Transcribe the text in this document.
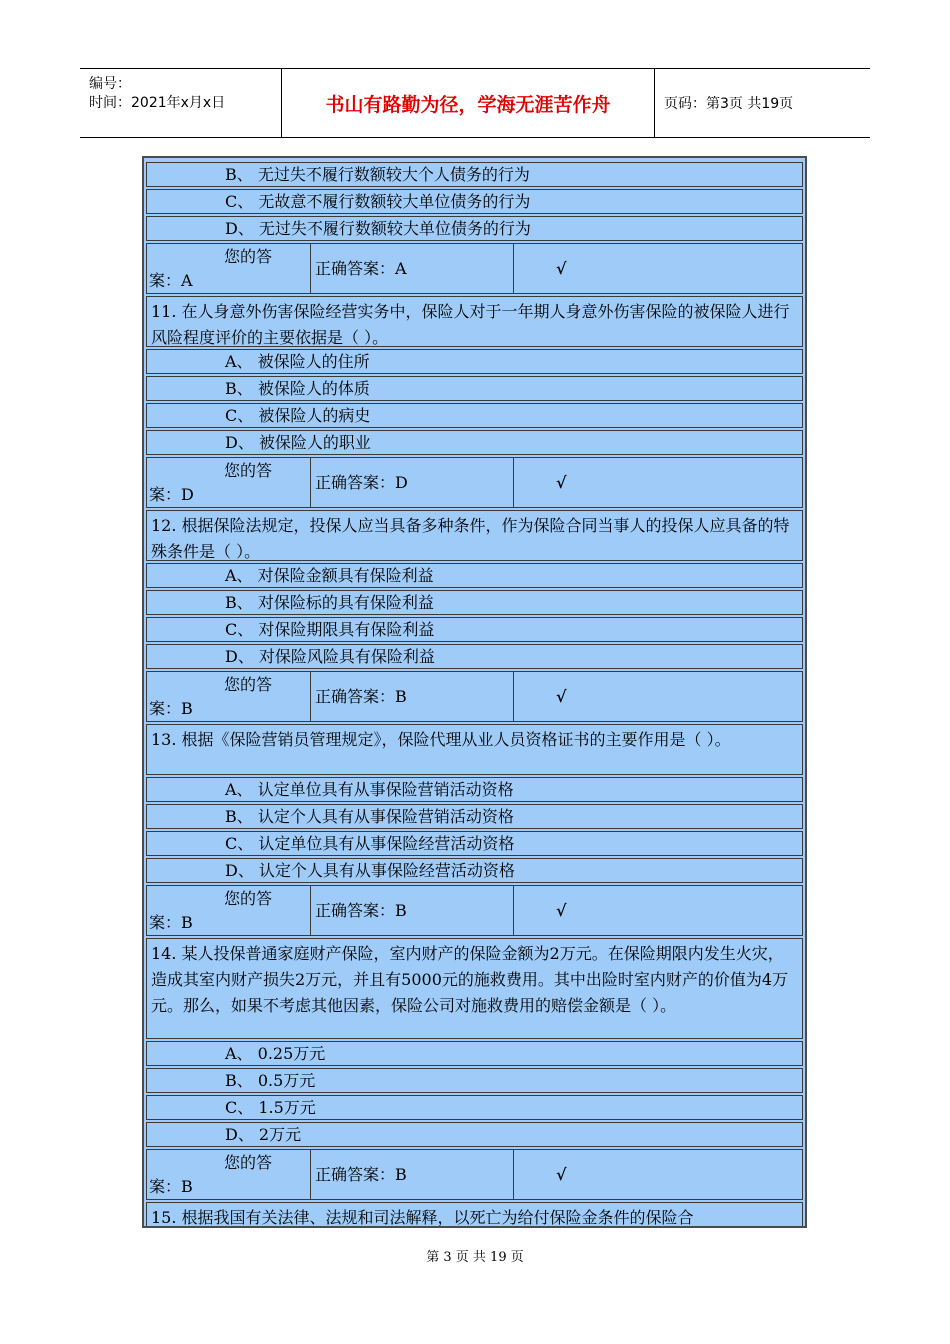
编号：
时间：2021年x月x日	书山有路勤为径，学海无涯苦作舟	页码：第3页 共19页
B、 无过失不履行数额较大个人债务的行为
C、 无故意不履行数额较大单位债务的行为
D、 无过失不履行数额较大单位债务的行为
您的答
案：A
正确答案：A	√
11. 在人身意外伤害保险经营实务中，保险人对于一年期人身意外伤害保险的被保险人进行风险程度评价的主要依据是（ ）。
A、 被保险人的住所
B、 被保险人的体质
C、 被保险人的病史
D、 被保险人的职业
您的答
案：D
正确答案：D	√
12. 根据保险法规定，投保人应当具备多种条件，作为保险合同当事人的投保人应具备的特殊条件是（ ）。
A、 对保险金额具有保险利益
B、 对保险标的具有保险利益
C、 对保险期限具有保险利益
D、 对保险风险具有保险利益
您的答
案：B
正确答案：B	√
13. 根据《保险营销员管理规定》，保险代理从业人员资格证书的主要作用是（ ）。
A、 认定单位具有从事保险营销活动资格
B、 认定个人具有从事保险营销活动资格
C、 认定单位具有从事保险经营活动资格
D、 认定个人具有从事保险经营活动资格
您的答
案：B
正确答案：B	√
14. 某人投保普通家庭财产保险，室内财产的保险金额为2万元。在保险期限内发生火灾，造成其室内财产损失2万元，并且有5000元的施救费用。其中出险时室内财产的价值为4万元。那么，如果不考虑其他因素，保险公司对施救费用的赔偿金额是（ ）。
A、 0.25万元
B、 0.5万元
C、 1.5万元
D、 2万元
您的答
案：B
正确答案：B	√
15. 根据我国有关法律、法规和司法解释，以死亡为给付保险金条件的保险合
第 3 页 共 19 页
